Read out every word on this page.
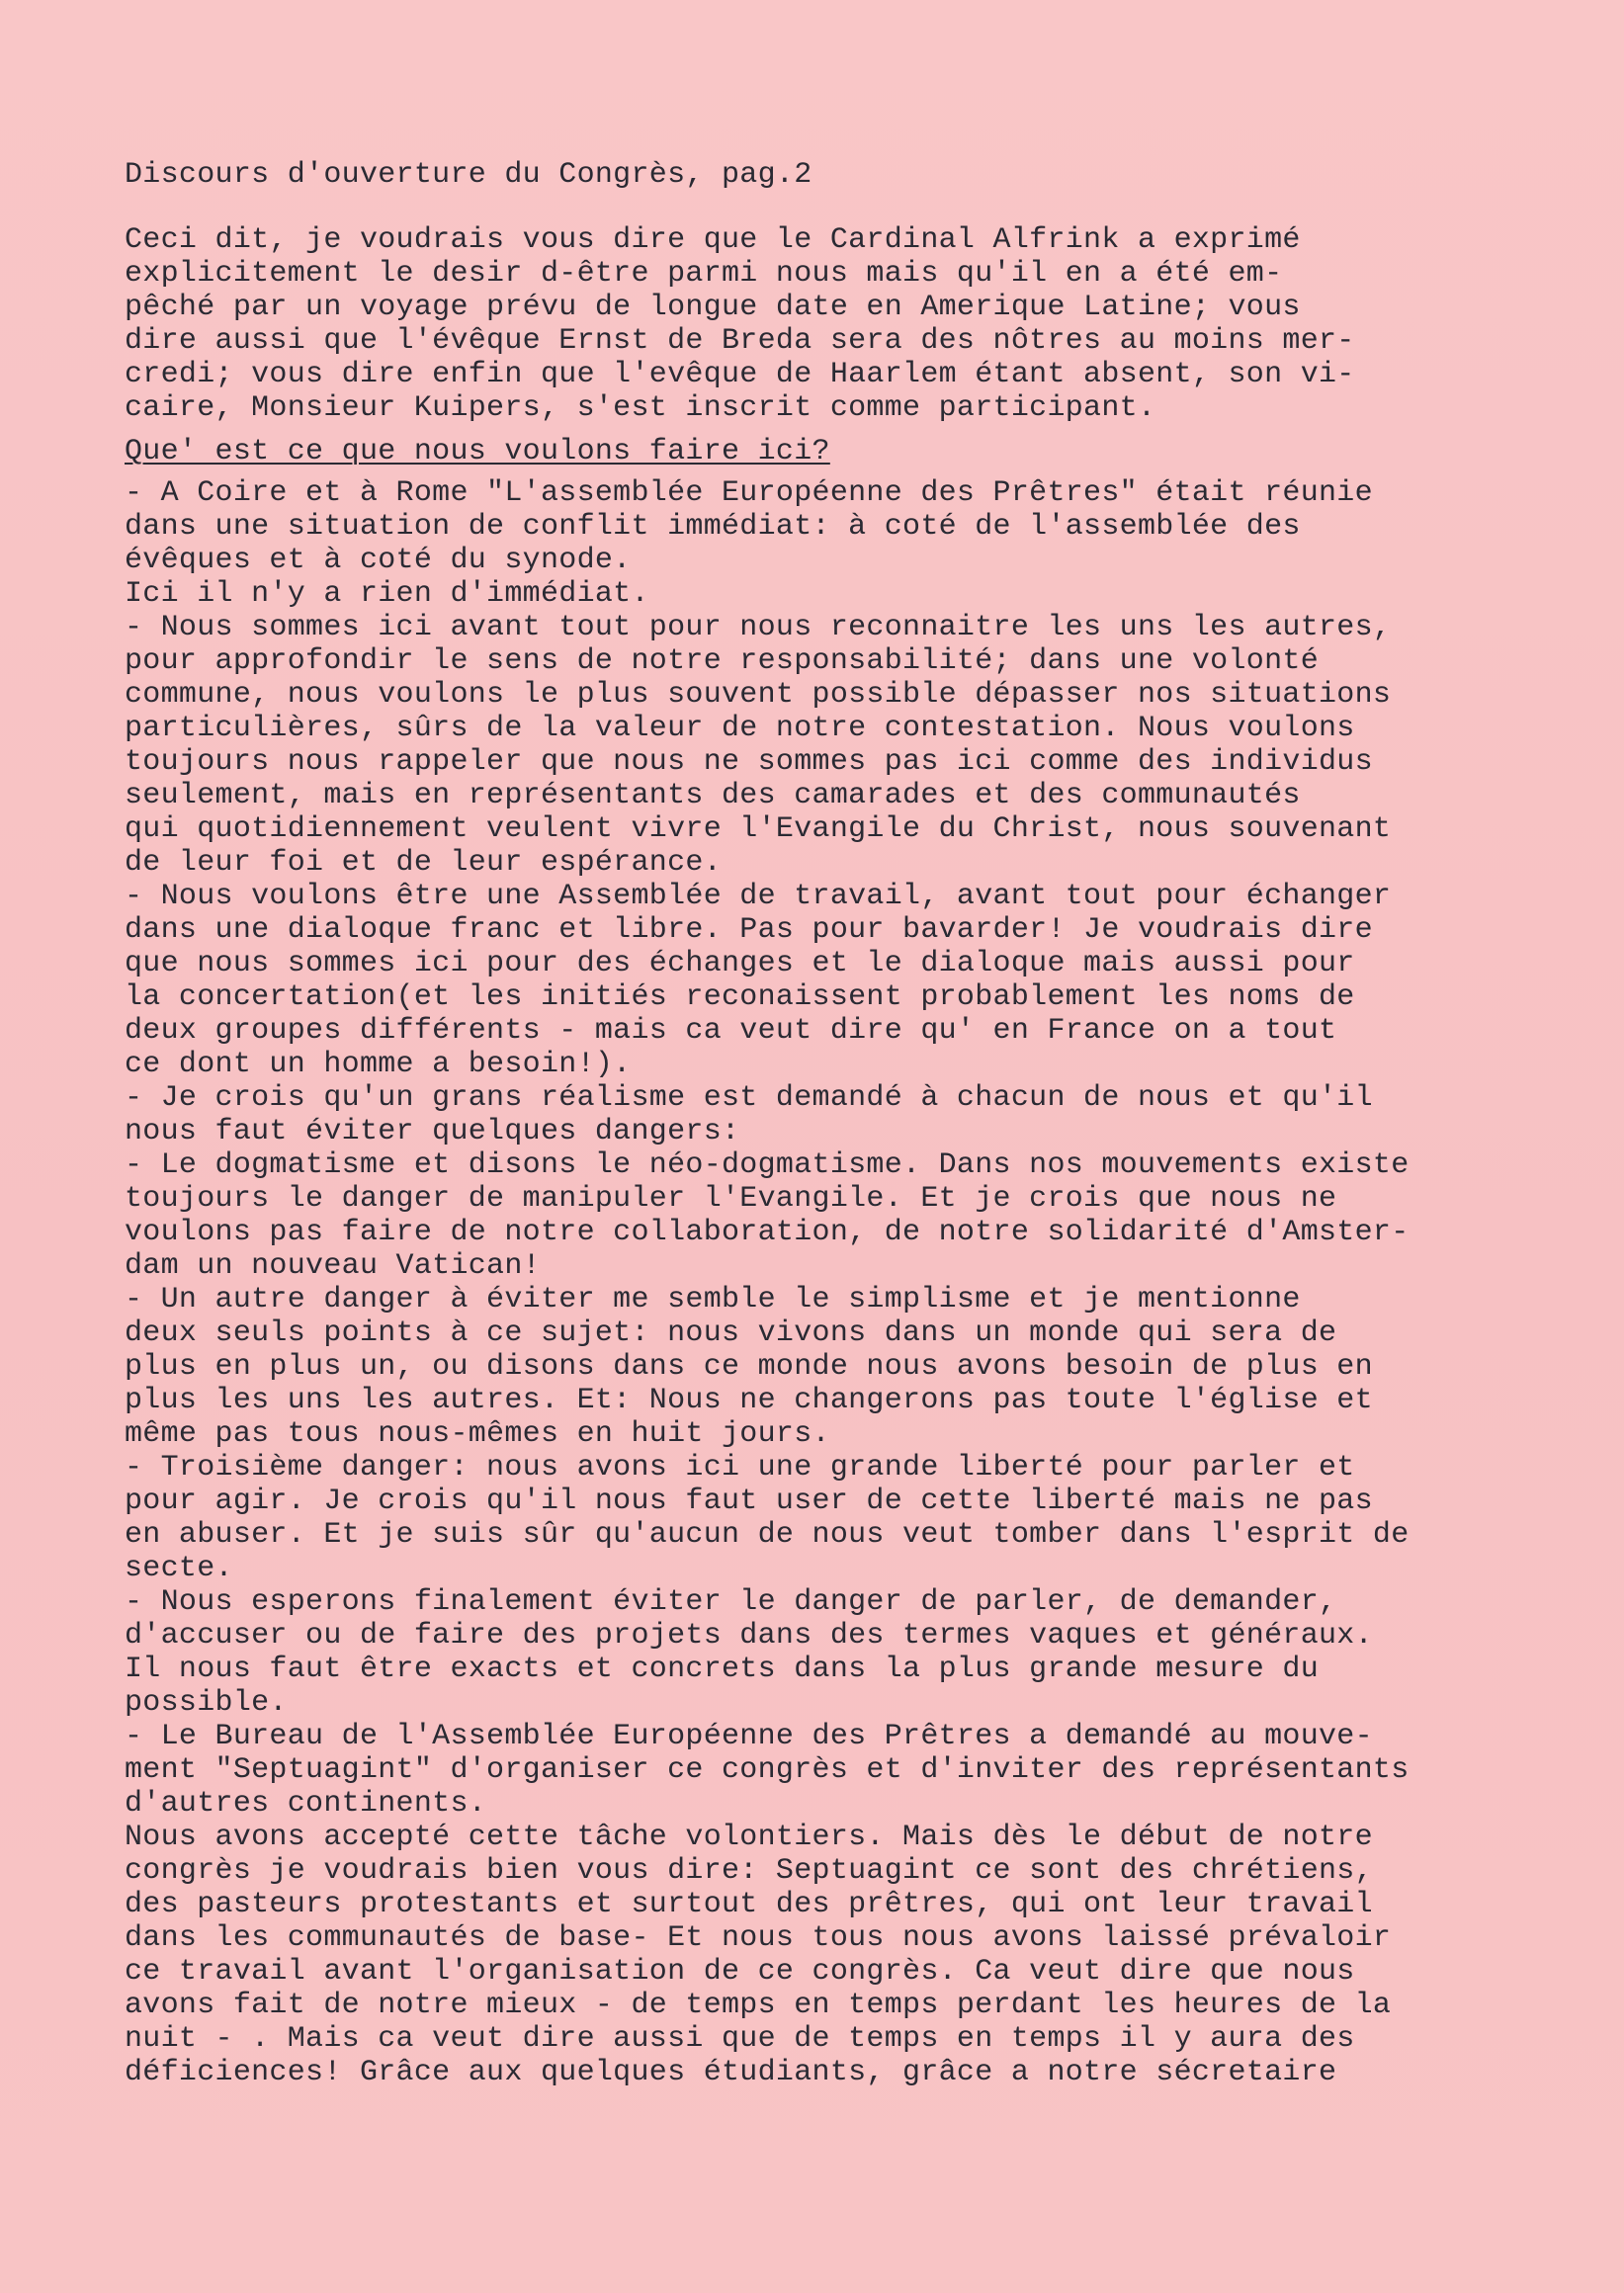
Discours d'ouverture du Congrès, pag.2
Ceci dit, je voudrais vous dire que le Cardinal Alfrink a exprimé
explicitement le desir d-être parmi nous mais qu'il en a été em-
pêché par un voyage prévu de longue date en Amerique Latine; vous
dire aussi que l'évêque Ernst de Breda sera des nôtres au moins mer-
credi; vous dire enfin que l'evêque de Haarlem étant absent, son vi-
caire, Monsieur Kuipers, s'est inscrit comme participant.
Que' est ce que nous voulons faire ici?
- A Coire et à Rome "L'assemblée Européenne des Prêtres" était réunie
dans une situation de conflit immédiat: à coté de l'assemblée des
évêques et à coté du synode.
Ici il n'y a rien d'immédiat.
- Nous sommes ici avant tout pour nous reconnaitre les uns les autres,
pour approfondir le sens de notre responsabilité; dans une volonté
commune, nous voulons le plus souvent possible dépasser nos situations
particulières, sûrs de la valeur de notre contestation. Nous voulons
toujours nous rappeler que nous ne sommes pas ici comme des individus
seulement, mais en représentants des camarades et des communautés
qui quotidiennement veulent vivre l'Evangile du Christ, nous souvenant
de leur foi et de leur espérance.
- Nous voulons être une Assemblée de travail, avant tout pour échanger
dans une dialoque franc et libre. Pas pour bavarder! Je voudrais dire
que nous sommes ici pour des échanges et le dialoque mais aussi pour
la concertation(et les initiés reconaissent probablement les noms de
deux groupes différents - mais ca veut dire qu' en France on a tout
ce dont un homme a besoin!).
- Je crois qu'un grans réalisme est demandé à chacun de nous et qu'il
nous faut éviter quelques dangers:
- Le dogmatisme et disons le néo-dogmatisme. Dans nos mouvements existe
toujours le danger de manipuler l'Evangile. Et je crois que nous ne
voulons pas faire de notre collaboration, de notre solidarité d'Amster-
dam un nouveau Vatican!
- Un autre danger à éviter me semble le simplisme et je mentionne
deux seuls points à ce sujet: nous vivons dans un monde qui sera de
plus en plus un, ou disons dans ce monde nous avons besoin de plus en
plus les uns les autres. Et: Nous ne changerons pas toute l'église et
même pas tous nous-mêmes en huit jours.
- Troisième danger: nous avons ici une grande liberté pour parler et
pour agir. Je crois qu'il nous faut user de cette liberté mais ne pas
en abuser. Et je suis sûr qu'aucun de nous veut tomber dans l'esprit de
secte.
- Nous esperons finalement éviter le danger de parler, de demander,
d'accuser ou de faire des projets dans des termes vaques et généraux.
Il nous faut être exacts et concrets dans la plus grande mesure du
possible.
- Le Bureau de l'Assemblée Européenne des Prêtres a demandé au mouve-
ment "Septuagint" d'organiser ce congrès et d'inviter des représentants
d'autres continents.
Nous avons accepté cette tâche volontiers. Mais dès le début de notre
congrès je voudrais bien vous dire: Septuagint ce sont des chrétiens,
des pasteurs protestants et surtout des prêtres, qui ont leur travail
dans les communautés de base- Et nous tous nous avons laissé prévaloir
ce travail avant l'organisation de ce congrès. Ca veut dire que nous
avons fait de notre mieux - de temps en temps perdant les heures de la
nuit - . Mais ca veut dire aussi que de temps en temps il y aura des
déficiences! Grâce aux quelques étudiants, grâce a notre sécretaire
